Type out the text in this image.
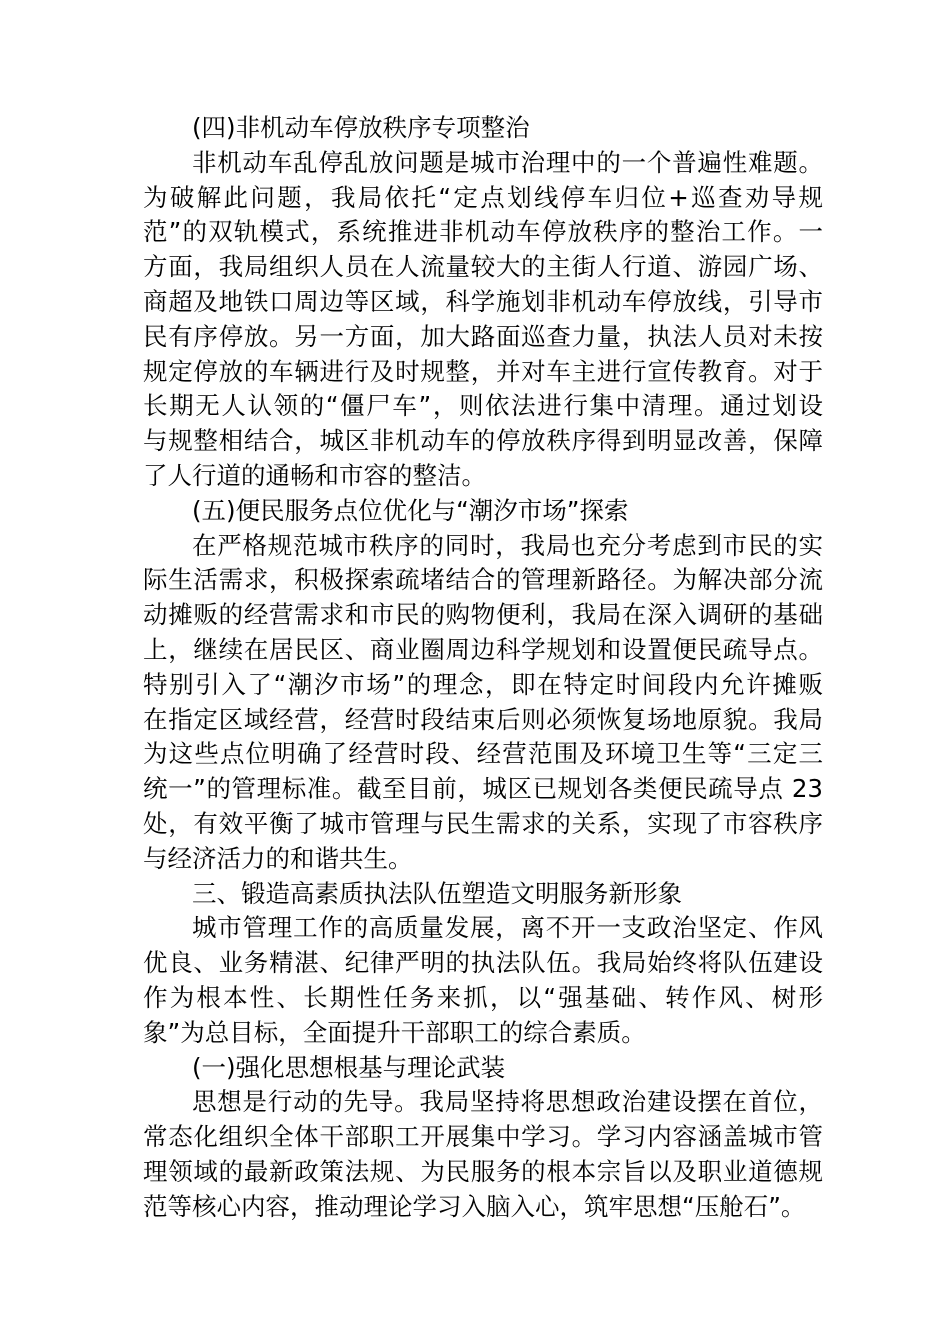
(四)非机动车停放秩序专项整治

非机动车乱停乱放问题是城市治理中的一个普遍性难题。
为破解此问题，我局依托“定点划线停车归位+巡查劝导规
范”的双轨模式，系统推进非机动车停放秩序的整治工作。一
方面，我局组织人员在人流量较大的主街人行道、游园广场、
商超及地铁口周边等区域，科学施划非机动车停放线，引导市
民有序停放。另一方面，加大路面巡查力量，执法人员对未按
规定停放的车辆进行及时规整，并对车主进行宣传教育。对于
长期无人认领的“僵尸车”，则依法进行集中清理。通过划设
与规整相结合，城区非机动车的停放秩序得到明显改善，保障
了人行道的通畅和市容的整洁。

(五)便民服务点位优化与“潮汐市场”探索

在严格规范城市秩序的同时，我局也充分考虑到市民的实
际生活需求，积极探索疏堵结合的管理新路径。为解决部分流
动摊贩的经营需求和市民的购物便利，我局在深入调研的基础
上，继续在居民区、商业圈周边科学规划和设置便民疏导点。
特别引入了“潮汐市场”的理念，即在特定时间段内允许摊贩
在指定区域经营，经营时段结束后则必须恢复场地原貌。我局
为这些点位明确了经营时段、经营范围及环境卫生等“三定三
统一”的管理标准。截至目前，城区已规划各类便民疏导点 23
处，有效平衡了城市管理与民生需求的关系，实现了市容秩序
与经济活力的和谐共生。

三、锻造高素质执法队伍塑造文明服务新形象

城市管理工作的高质量发展，离不开一支政治坚定、作风
优良、业务精湛、纪律严明的执法队伍。我局始终将队伍建设
作为根本性、长期性任务来抓，以“强基础、转作风、树形
象”为总目标，全面提升干部职工的综合素质。

(一)强化思想根基与理论武装

思想是行动的先导。我局坚持将思想政治建设摆在首位，
常态化组织全体干部职工开展集中学习。学习内容涵盖城市管
理领域的最新政策法规、为民服务的根本宗旨以及职业道德规
范等核心内容，推动理论学习入脑入心，筑牢思想“压舱石”。
